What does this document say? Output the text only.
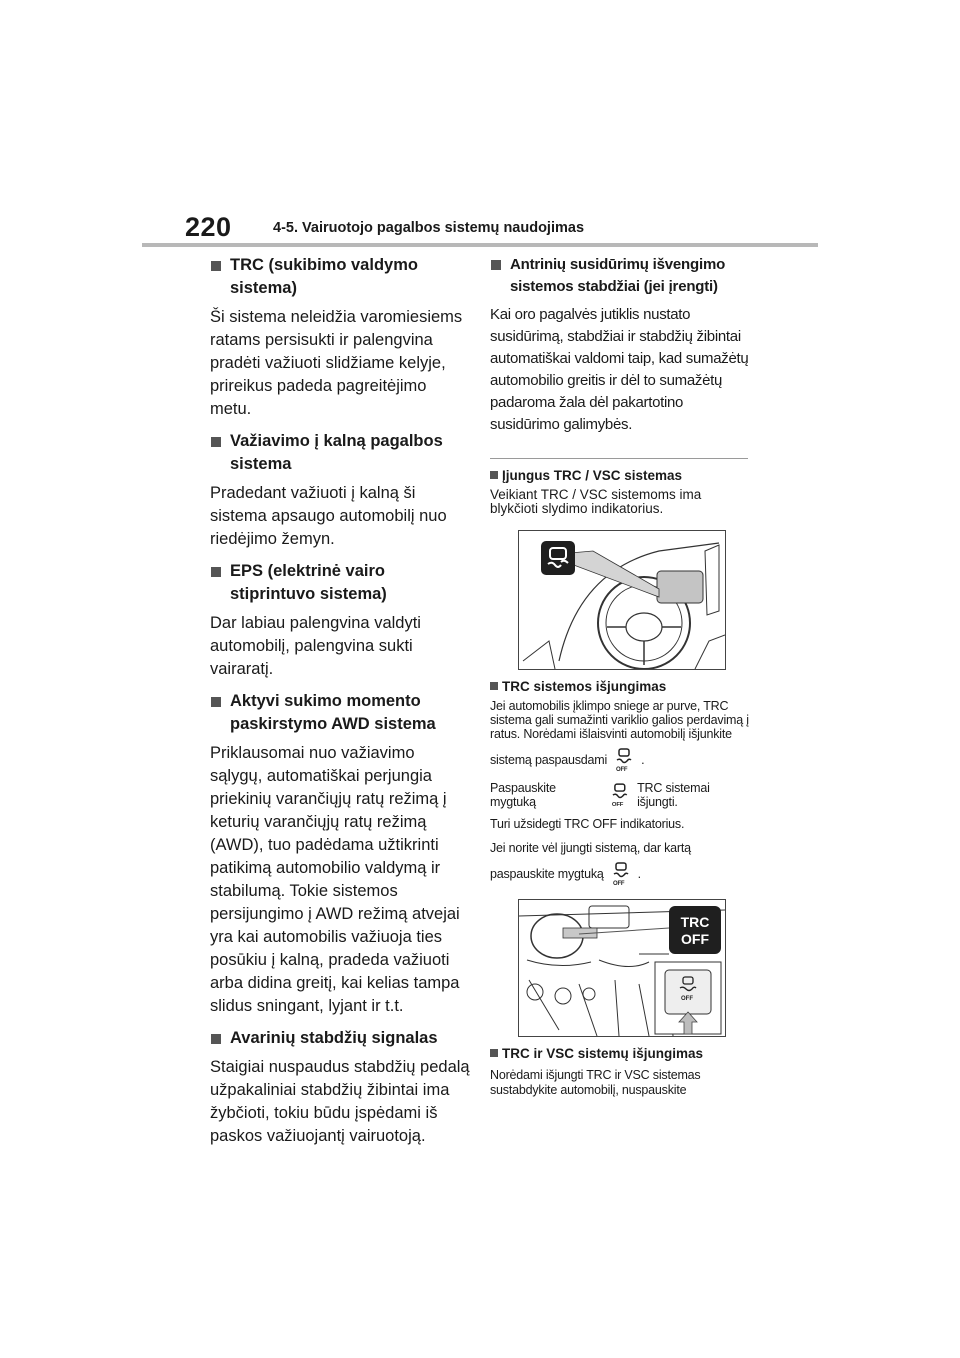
220	4-5. Vairuotojo pagalbos sistemų naudojimas
TRC (sukibimo valdymo
sistema)
Ši sistema neleidžia varomiesiems
ratams persisukti ir palengvina
pradėti važiuoti slidžiame kelyje,
prireikus padeda pagreitėjimo
metu.
Važiavimo į kalną pagalbos
sistema
Pradedant važiuoti į kalną ši
sistema apsaugo automobilį nuo
riedėjimo žemyn.
EPS (elektrinė vairo
stiprintuvo sistema)
Dar labiau palengvina valdyti
automobilį, palengvina sukti
vairaratį.
Aktyvi sukimo momento
paskirstymo AWD sistema
Priklausomai nuo važiavimo
sąlygų, automatiškai perjungia
priekinių varančiųjų ratų režimą į
keturių varančiųjų ratų režimą
(AWD), tuo padėdama užtikrinti
patikimą automobilio valdymą ir
stabilumą. Tokie sistemos
persijungimo į AWD režimą atvejai
yra kai automobilis važiuoja ties
posūkiu į kalną, pradeda važiuoti
arba didina greitį, kai kelias tampa
slidus sningant, lyjant ir t.t.
Avarinių stabdžių signalas
Staigiai nuspaudus stabdžių pedalą
užpakaliniai stabdžių žibintai ima
žybčioti, tokiu būdu įspėdami iš
paskos važiuojantį vairuotoją.
Antrinių susidūrimų išvengimo
sistemos stabdžiai (jei įrengti)
Kai oro pagalvės jutiklis nustato
susidūrimą, stabdžiai ir stabdžių žibintai
automatiškai valdomi taip, kad sumažėtų
automobilio greitis ir dėl to sumažėtų
padaroma žala dėl pakartotino
susidūrimo galimybės.
Įjungus TRC / VSC sistemas
Veikiant TRC / VSC sistemoms ima
blykčioti slydimo indikatorius.
TRC sistemos išjungimas
Jei automobilis įklimpo sniege ar purve, TRC
sistema gali sumažinti variklio galios perdavimą į
ratus. Norėdami išlaisvinti automobilį išjunkite
sistemą paspausdami
OFF
.
Paspauskite mygtuką	OFF
TRC sistemai išjungti.
Turi užsidegti TRC OFF indikatorius.
Jei norite vėl įjungti sistemą, dar kartą
paspauskite mygtuką
OFF
.
TRC
OFF
OFF
TRC ir VSC sistemų išjungimas
Norėdami išjungti TRC ir VSC sistemas
sustabdykite automobilį, nuspauskite
